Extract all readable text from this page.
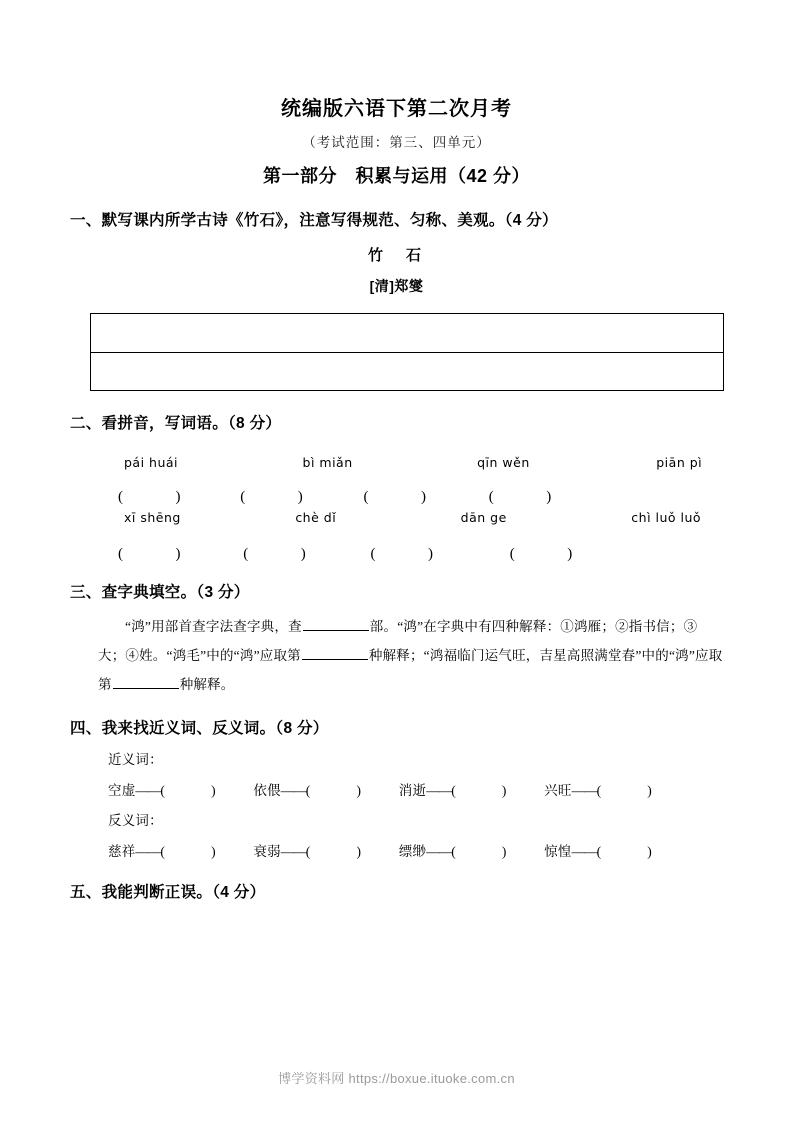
统编版六语下第二次月考
（考试范围：第三、四单元）
第一部分　积累与运用（42 分）
一、默写课内所学古诗《竹石》，注意写得规范、匀称、美观。（4 分）
竹　石
[清]郑燮
二、看拼音，写词语。（8 分）
pái huái	bì miǎn	qīn wěn	piān pì
(	)	(	)	(	)	(	)
xī shēng	chè dǐ	dān ge	chì luǒ luǒ
(	)	(	)	(	)	(	)
三、查字典填空。（3 分）
“鸿”用部首查字法查字典，查	部。“鸿”在字典中有四种解释：①鸿雁；②指书信；③大；④姓。“鸿毛”中的“鸿”应取第	种解释；“鸿福临门运气旺，吉星高照满堂春”中的“鸿”应取第	种解释。
四、我来找近义词、反义词。（8 分）
近义词：
空虚——(	)	依偎——(	)	消逝——(	)	兴旺——(	)
反义词：
慈祥——(	)	衰弱——(	)	缥缈——(	)	惊惶——(	)
五、我能判断正误。（4 分）
博学资料网 https://boxue.ituoke.com.cn
